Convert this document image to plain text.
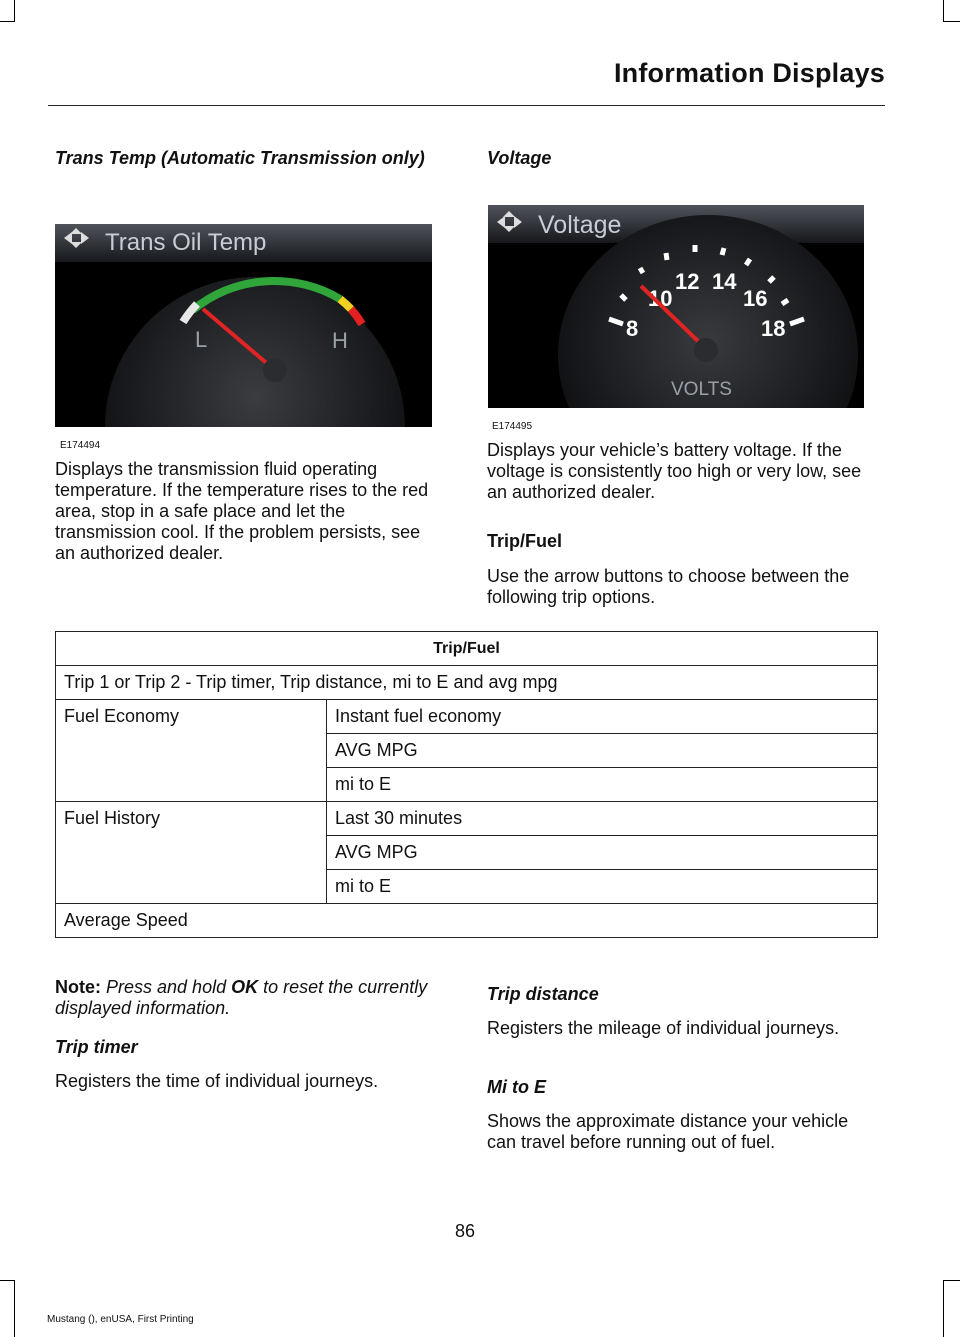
Information Displays
Trans Temp (Automatic Transmission only)
Trans Oil Temp
L	H
E174494
Displays the transmission fluid operating temperature. If the temperature rises to the red area, stop in a safe place and let the transmission cool. If the problem persists, see an authorized dealer.
Voltage
Voltage
8
10
12 14
16
18
VOLTS
E174495
Displays your vehicle’s battery voltage. If the voltage is consistently too high or very low, see an authorized dealer.
Trip/Fuel
Use the arrow buttons to choose between the following trip options.
Trip/Fuel	
Trip 1 or Trip 2 - Trip timer, Trip distance, mi to E and avg mpg	
Fuel Economy	Instant fuel economy
	AVG MPG
	mi to E
Fuel History	Last 30 minutes
	AVG MPG
	mi to E
Average Speed	
Note: Press and hold OK to reset the currently displayed information.
Trip timer
Registers the time of individual journeys.
Trip distance
Registers the mileage of individual journeys.
Mi to E
Shows the approximate distance your vehicle can travel before running out of fuel.
86
Mustang (), enUSA, First Printing
